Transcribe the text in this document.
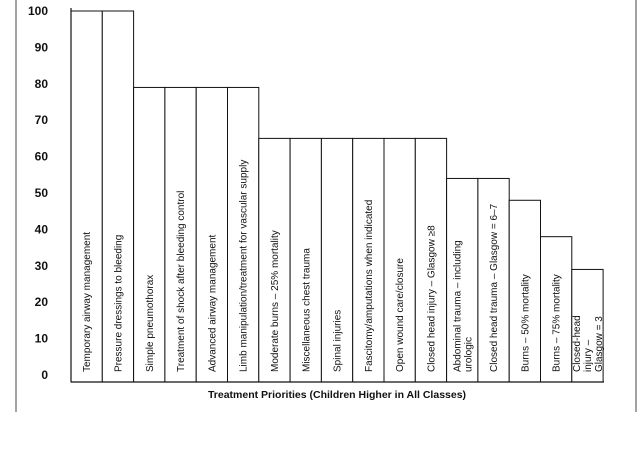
Temporary airway management Pressure dressings to bleeding Simple pneumothorax Treatment of shock after bleeding control Advanced airway management Limb manipulation/treatment for vascular supply Moderate burns – 25% mortality Miscellaneous chest trauma Spinal injuries Fascitomy/amputations when indicated Open wound care/closure Closed head injury – Glasgow ≥8 Abdominal trauma – including urologic Closed head trauma – Glasgow = 6–7 Burns – 50% mortality Burns – 75% mortality Closed-head injury – Glasgow = 3
0
10
20
30
40
50
60
70
80
90
100
Treatment Priorities (Children Higher in All Classes)
